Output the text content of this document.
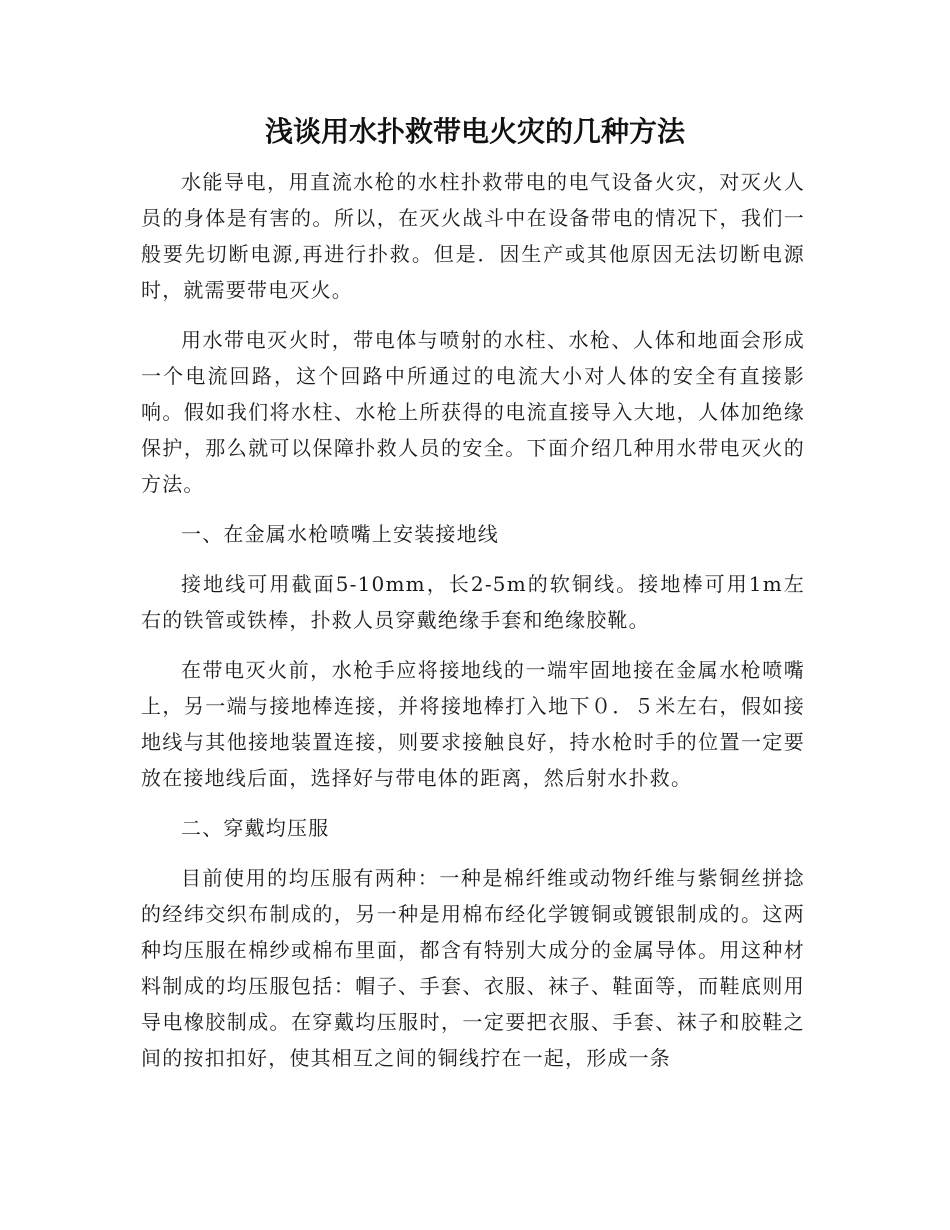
浅谈用水扑救带电火灾的几种方法

水能导电，用直流水枪的水柱扑救带电的电气设备火灾，对灭火人员的身体是有害的。所以，在灭火战斗中在设备带电的情况下，我们一般要先切断电源,再进行扑救。但是．因生产或其他原因无法切断电源时，就需要带电灭火。

用水带电灭火时，带电体与喷射的水柱、水枪、人体和地面会形成一个电流回路，这个回路中所通过的电流大小对人体的安全有直接影响。假如我们将水柱、水枪上所获得的电流直接导入大地，人体加绝缘保护，那么就可以保障扑救人员的安全。下面介绍几种用水带电灭火的方法。

一、在金属水枪喷嘴上安装接地线

接地线可用截面5-10mm，长2-5m的软铜线。接地棒可用1m左右的铁管或铁棒，扑救人员穿戴绝缘手套和绝缘胶靴。

在带电灭火前，水枪手应将接地线的一端牢固地接在金属水枪喷嘴上，另一端与接地棒连接，并将接地棒打入地下０．５米左右，假如接地线与其他接地装置连接，则要求接触良好，持水枪时手的位置一定要放在接地线后面，选择好与带电体的距离，然后射水扑救。

二、穿戴均压服

目前使用的均压服有两种：一种是棉纤维或动物纤维与紫铜丝拼捻的经纬交织布制成的，另一种是用棉布经化学镀铜或镀银制成的。这两种均压服在棉纱或棉布里面，都含有特别大成分的金属导体。用这种材料制成的均压服包括：帽子、手套、衣服、袜子、鞋面等，而鞋底则用导电橡胶制成。在穿戴均压服时，一定要把衣服、手套、袜子和胶鞋之间的按扣扣好，使其相互之间的铜线拧在一起，形成一条
